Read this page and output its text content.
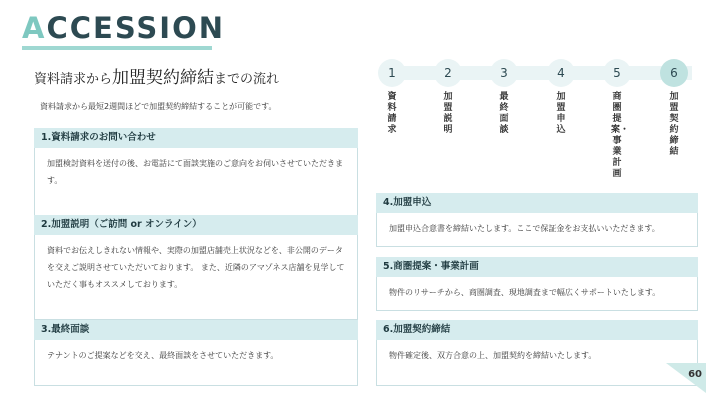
ACCESSION
資料請求から加盟契約締結までの流れ
資料請求から最短2週間ほどで加盟契約締結することが可能です。
1.資料請求のお問い合わせ
加盟検討資料を送付の後、お電話にて面談実施のご意向をお伺いさせていただきます。
2.加盟説明（ご訪問 or オンライン）
資料でお伝えしきれない情報や、実際の加盟店舗売上状況などを、非公開のデータを交えご説明させていただいております。 また、近隣のアマゾネス店舗を見学していただく事もオススメしております。
3.最終面談
テナントのご提案などを交え、最終面談をさせていただきます。
1	2	3	4	5	6
資料請求
加盟説明
最終面談
加盟申込
商圏提案・事業計画
加盟契約締結
4.加盟申込
加盟申込合意書を締結いたします。ここで保証金をお支払いいただきます。
5.商圏提案・事業計画
物件のリサーチから、商圏調査、現地調査まで幅広くサポートいたします。
6.加盟契約締結
物件確定後、双方合意の上、加盟契約を締結いたします。
60
